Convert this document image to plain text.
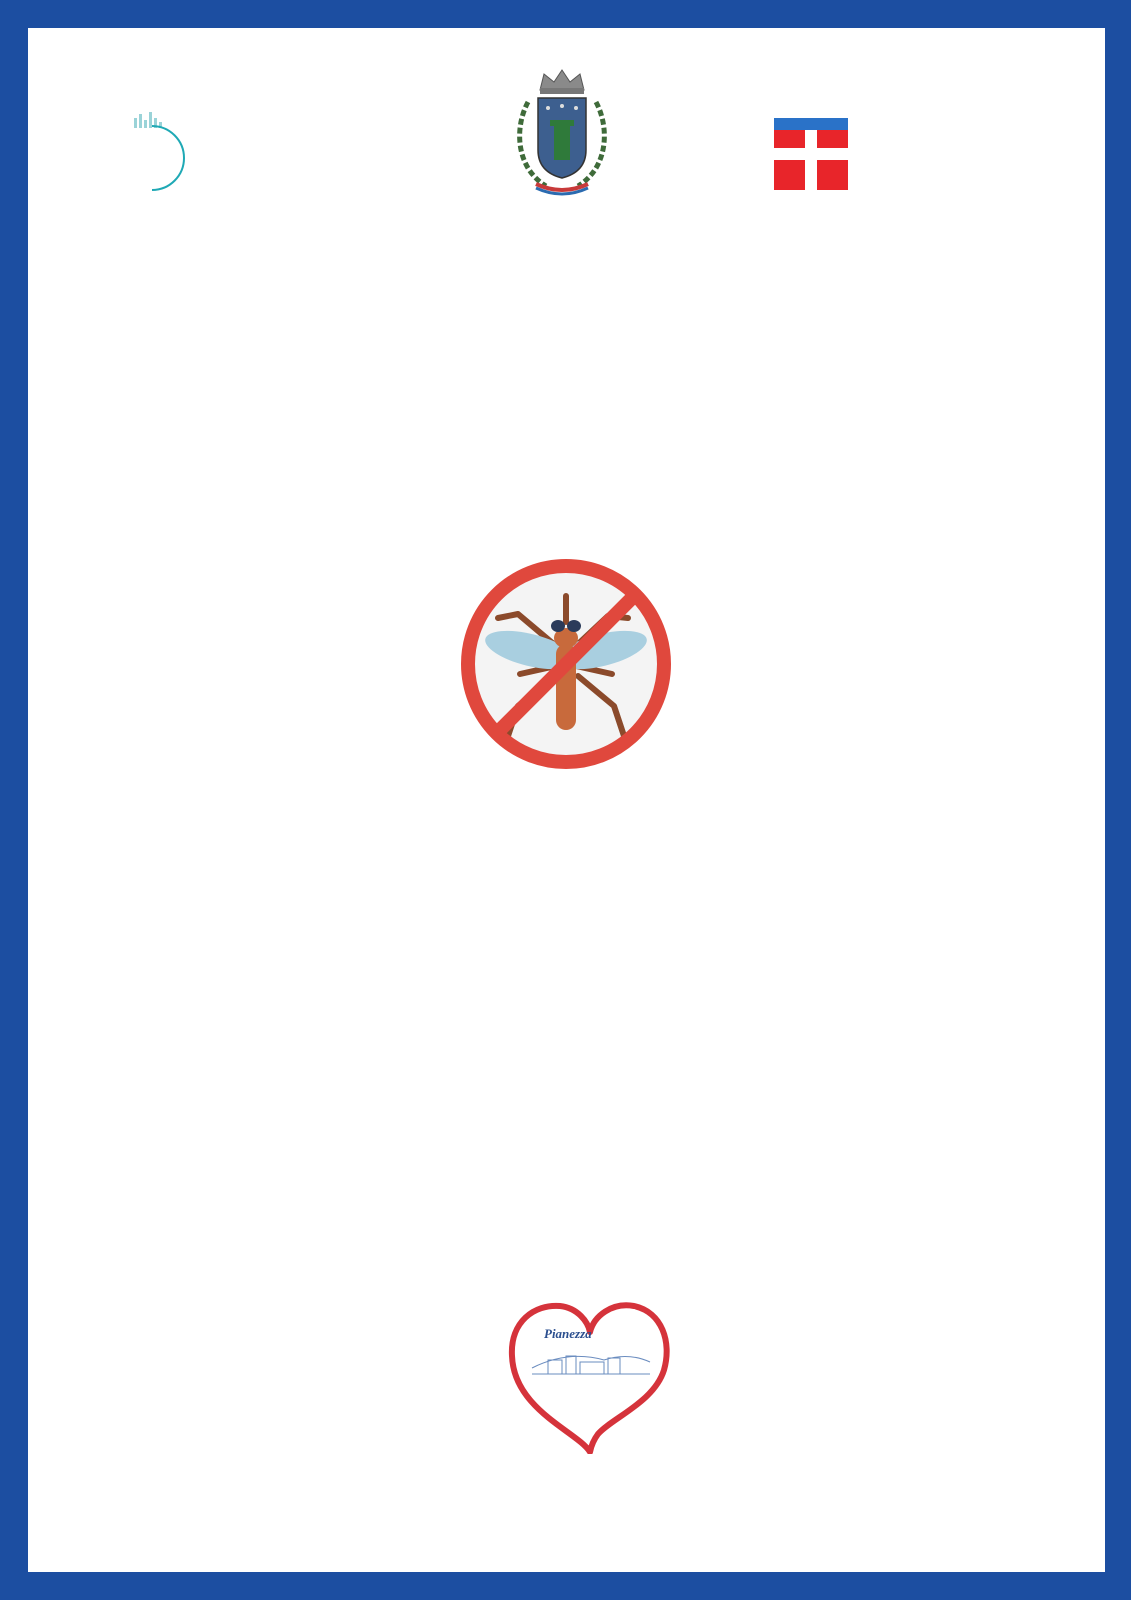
Pianezza
